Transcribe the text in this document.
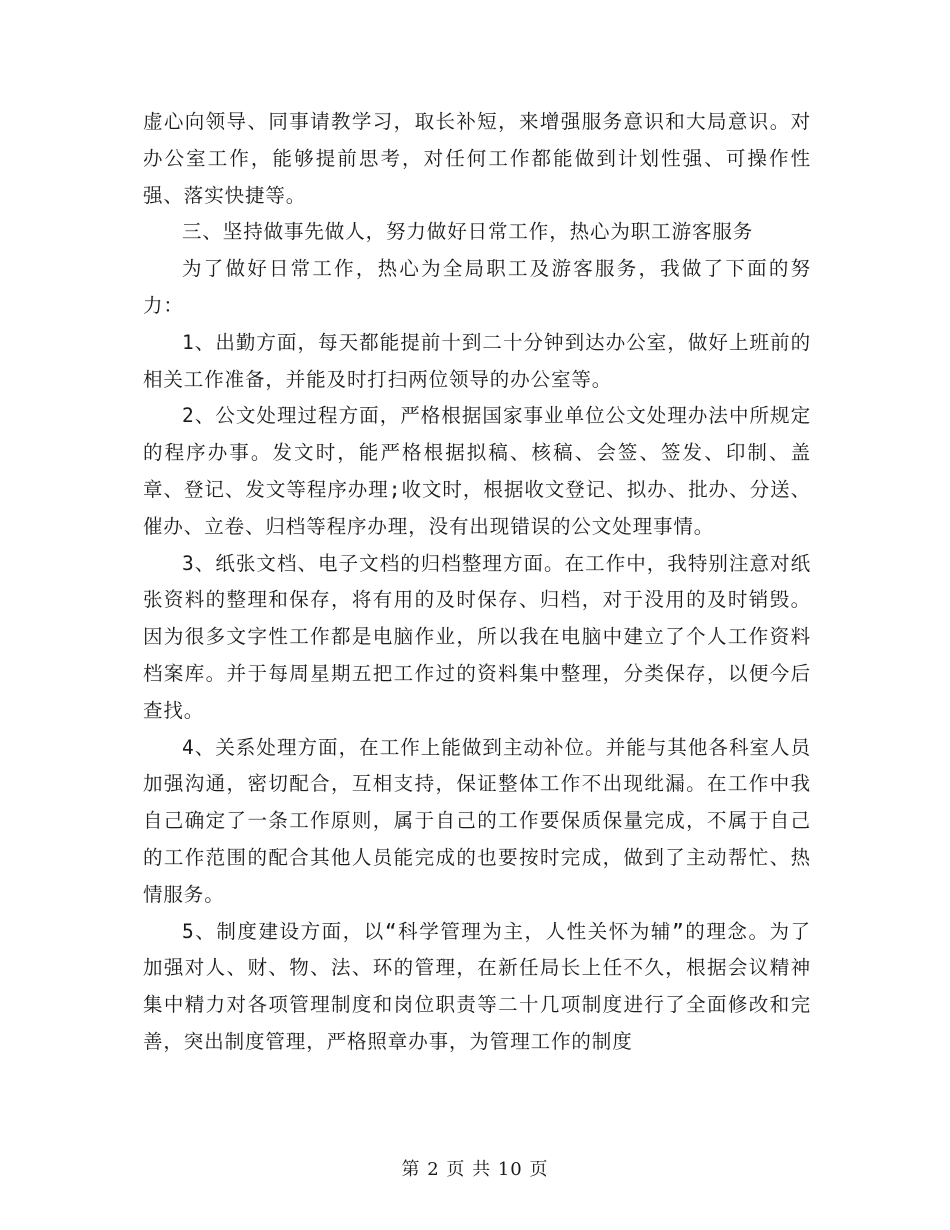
虚心向领导、同事请教学习，取长补短，来增强服务意识和大局意识。对办公室工作，能够提前思考，对任何工作都能做到计划性强、可操作性强、落实快捷等。

三、坚持做事先做人，努力做好日常工作，热心为职工游客服务

为了做好日常工作，热心为全局职工及游客服务，我做了下面的努力：

1、出勤方面，每天都能提前十到二十分钟到达办公室，做好上班前的相关工作准备，并能及时打扫两位领导的办公室等。

2、公文处理过程方面，严格根据国家事业单位公文处理办法中所规定的程序办事。发文时，能严格根据拟稿、核稿、会签、签发、印制、盖章、登记、发文等程序办理;收文时，根据收文登记、拟办、批办、分送、催办、立卷、归档等程序办理，没有出现错误的公文处理事情。

3、纸张文档、电子文档的归档整理方面。在工作中，我特别注意对纸张资料的整理和保存，将有用的及时保存、归档，对于没用的及时销毁。因为很多文字性工作都是电脑作业，所以我在电脑中建立了个人工作资料档案库。并于每周星期五把工作过的资料集中整理，分类保存，以便今后查找。

4、关系处理方面，在工作上能做到主动补位。并能与其他各科室人员加强沟通，密切配合，互相支持，保证整体工作不出现纰漏。在工作中我自己确定了一条工作原则，属于自己的工作要保质保量完成，不属于自己的工作范围的配合其他人员能完成的也要按时完成，做到了主动帮忙、热情服务。

5、制度建设方面，以“科学管理为主，人性关怀为辅”的理念。为了加强对人、财、物、法、环的管理，在新任局长上任不久，根据会议精神集中精力对各项管理制度和岗位职责等二十几项制度进行了全面修改和完善，突出制度管理，严格照章办事，为管理工作的制度

第 2 页 共 10 页
